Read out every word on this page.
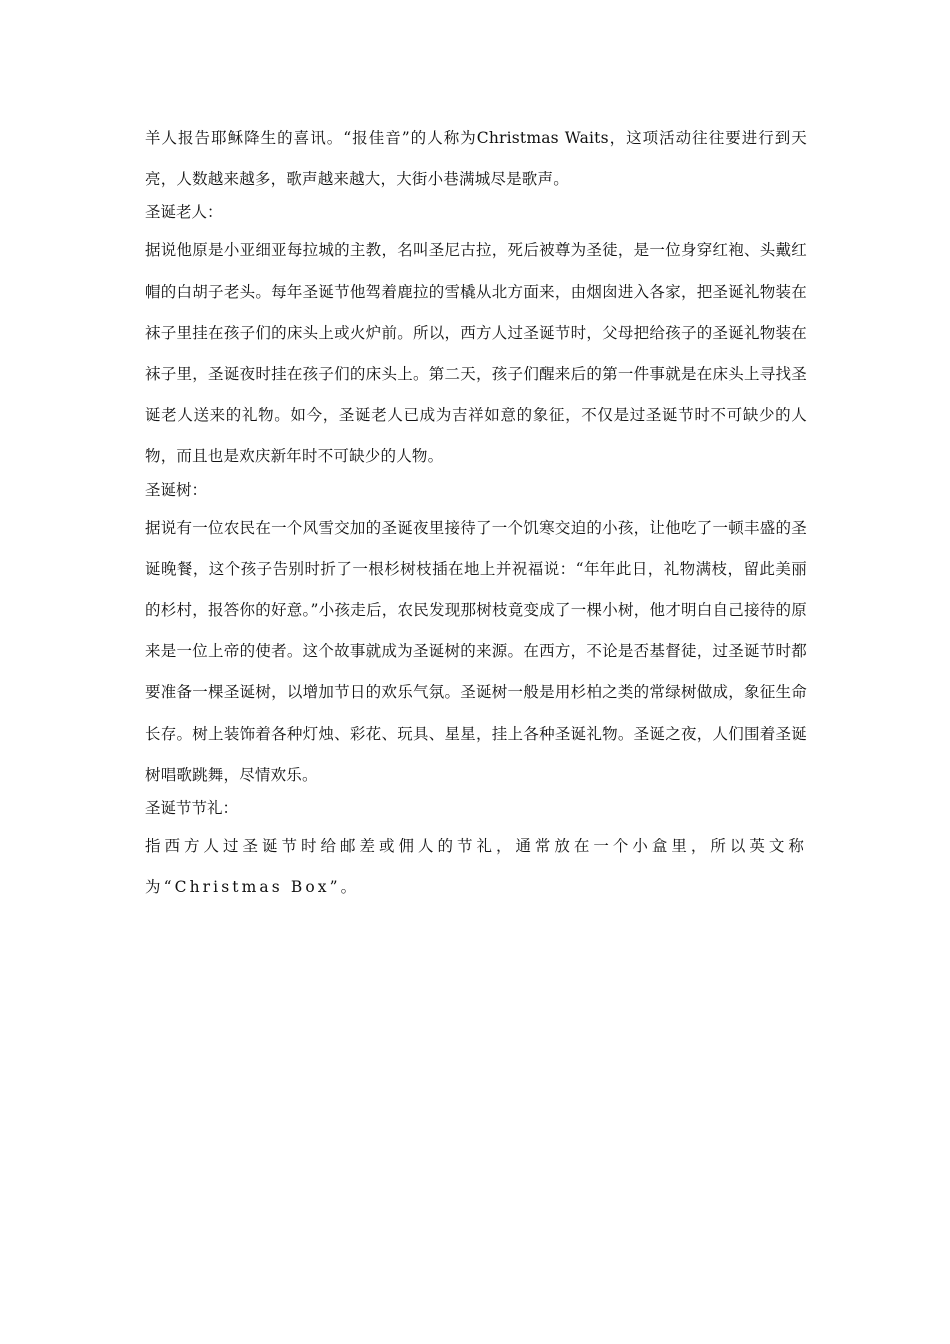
羊人报告耶稣降生的喜讯。“报佳音”的人称为Christmas Waits，这项活动往往要进行到天亮，人数越来越多，歌声越来越大，大街小巷满城尽是歌声。

圣诞老人：

据说他原是小亚细亚每拉城的主教，名叫圣尼古拉，死后被尊为圣徒，是一位身穿红袍、头戴红帽的白胡子老头。每年圣诞节他驾着鹿拉的雪橇从北方面来，由烟囱进入各家，把圣诞礼物装在袜子里挂在孩子们的床头上或火炉前。所以，西方人过圣诞节时，父母把给孩子的圣诞礼物装在袜子里，圣诞夜时挂在孩子们的床头上。第二天，孩子们醒来后的第一件事就是在床头上寻找圣诞老人送来的礼物。如今，圣诞老人已成为吉祥如意的象征，不仅是过圣诞节时不可缺少的人物，而且也是欢庆新年时不可缺少的人物。

圣诞树：

据说有一位农民在一个风雪交加的圣诞夜里接待了一个饥寒交迫的小孩，让他吃了一顿丰盛的圣诞晚餐，这个孩子告别时折了一根杉树枝插在地上并祝福说：“年年此日，礼物满枝，留此美丽的杉村，报答你的好意。”小孩走后，农民发现那树枝竟变成了一棵小树，他才明白自己接待的原来是一位上帝的使者。这个故事就成为圣诞树的来源。在西方，不论是否基督徒，过圣诞节时都要准备一棵圣诞树，以增加节日的欢乐气氛。圣诞树一般是用杉柏之类的常绿树做成，象征生命长存。树上装饰着各种灯烛、彩花、玩具、星星，挂上各种圣诞礼物。圣诞之夜，人们围着圣诞树唱歌跳舞，尽情欢乐。

圣诞节节礼：

指西方人过圣诞节时给邮差或佣人的节礼，通常放在一个小盒里，所以英文称为“Christmas Box”。
